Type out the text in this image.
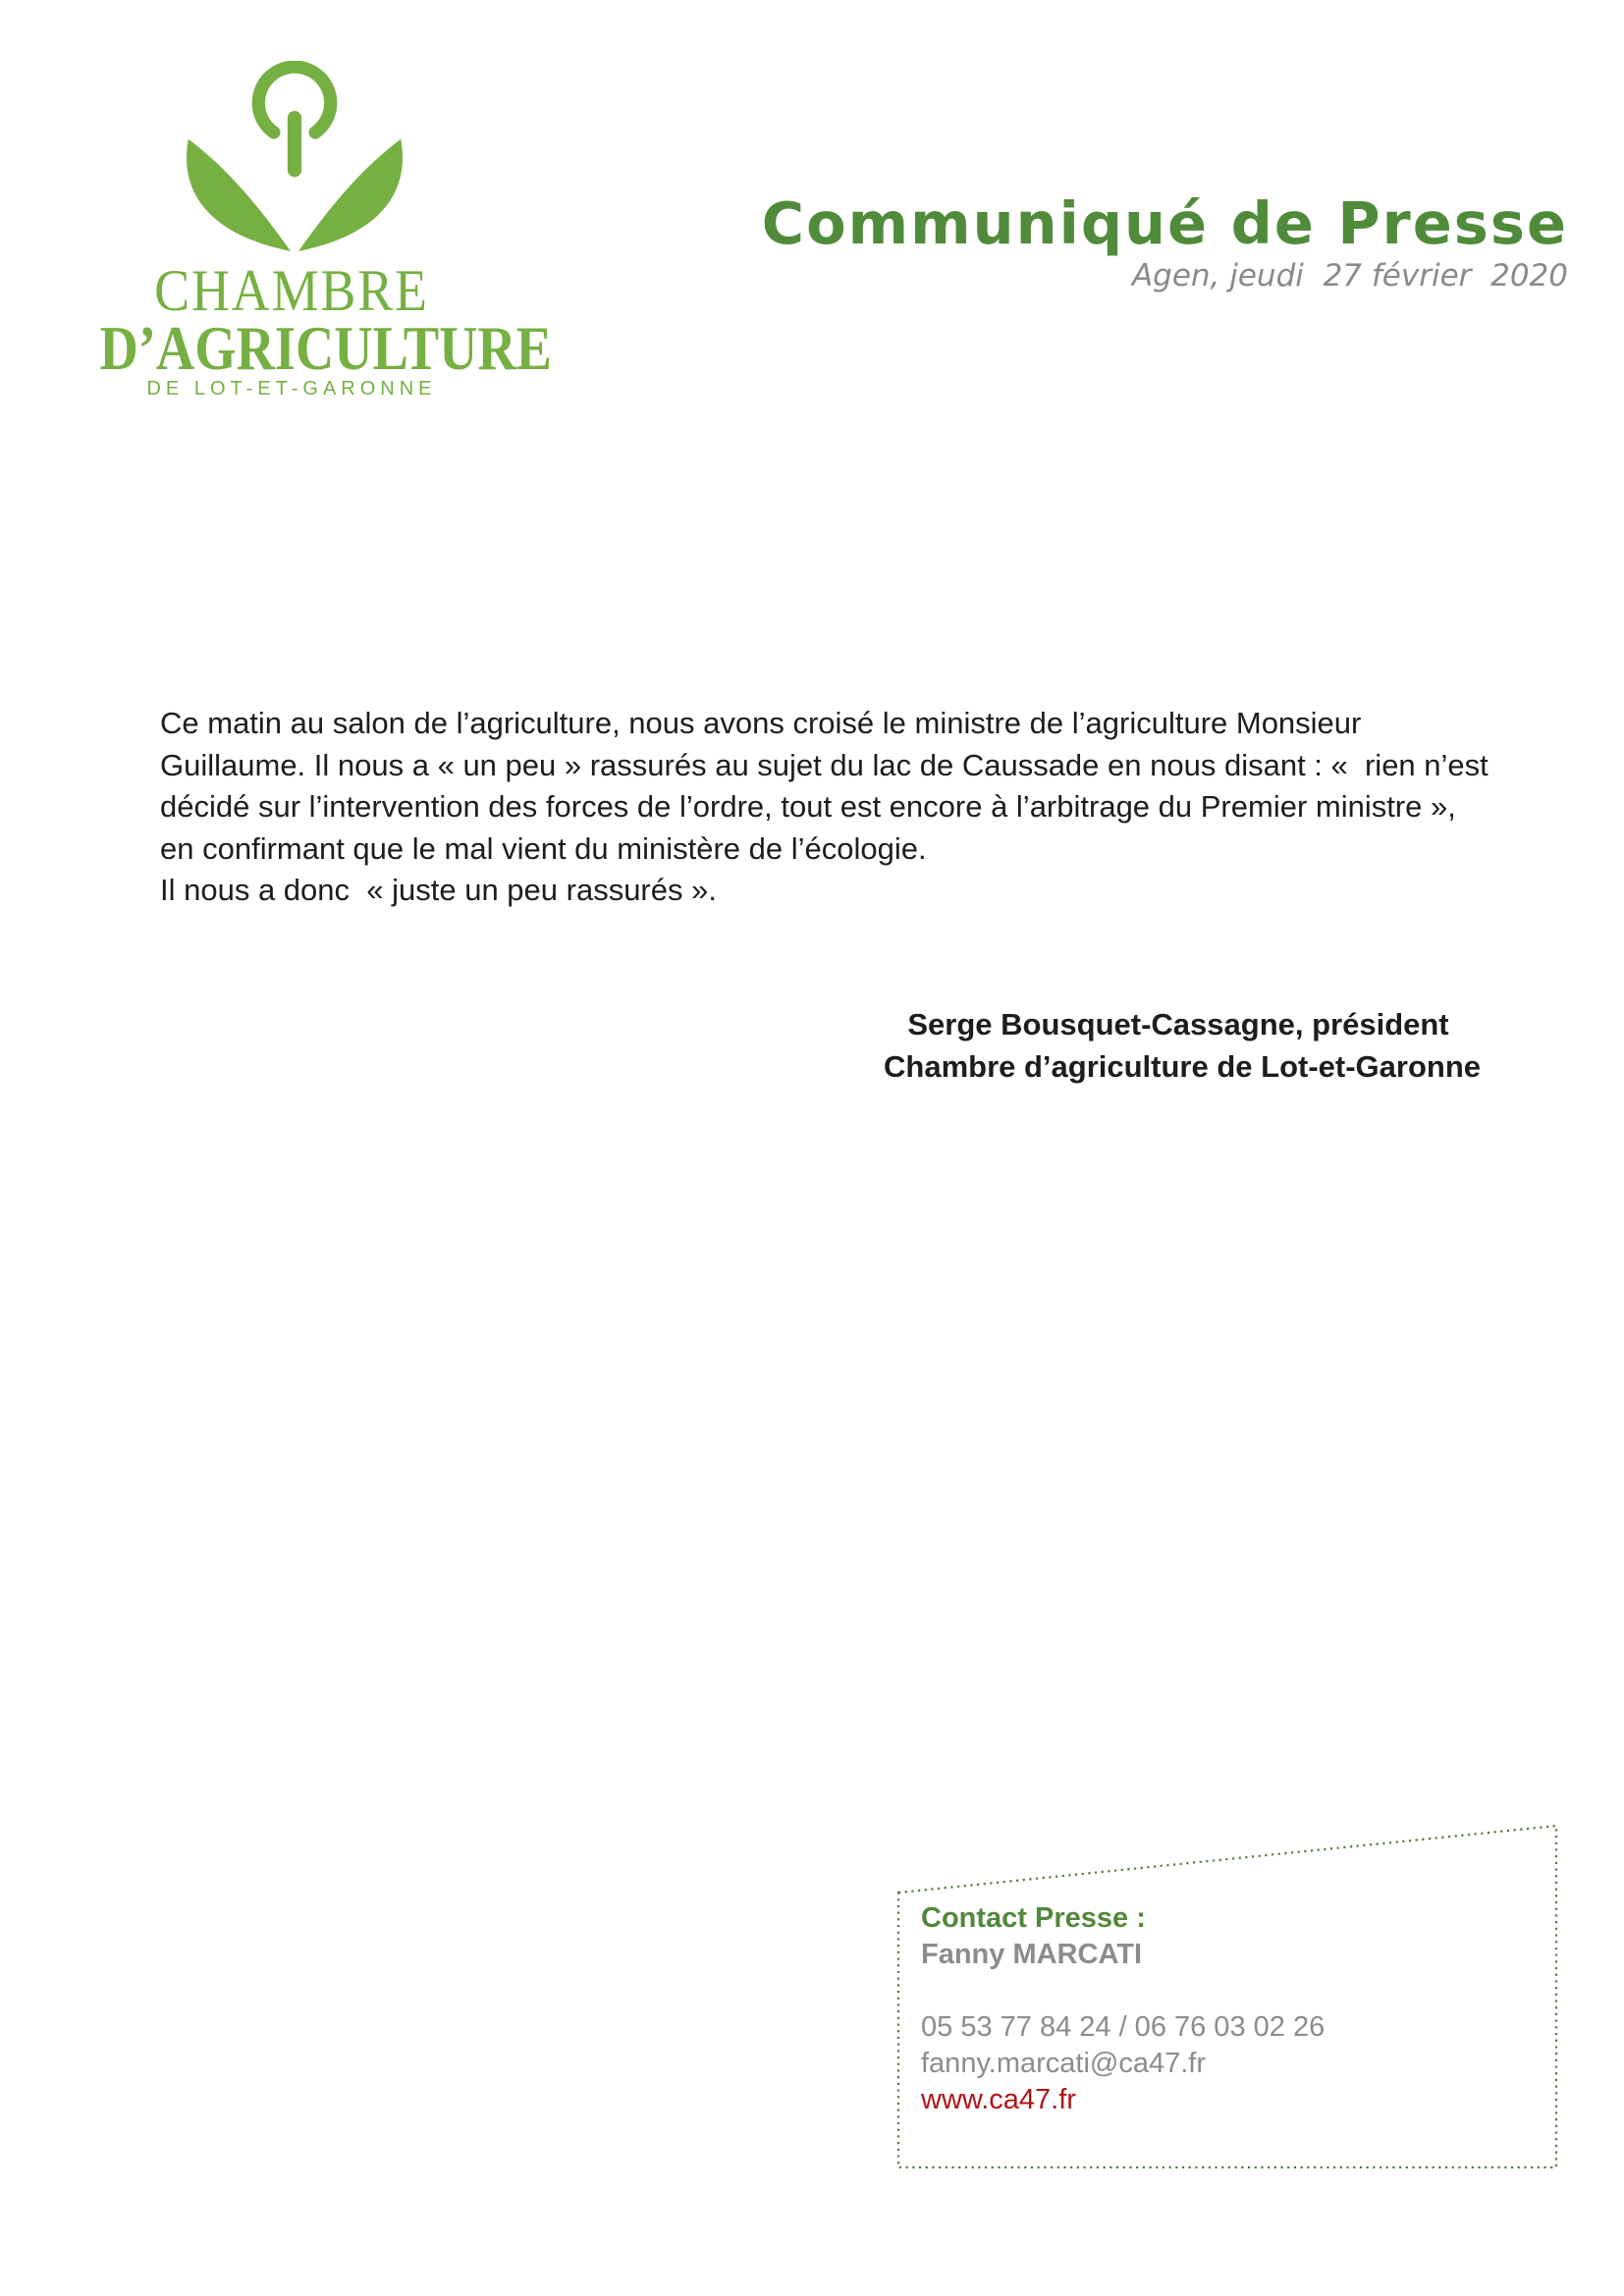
CHAMBRE
D’AGRICULTURE
DE LOT-ET-GARONNE
Communiqué de Presse
Agen, jeudi  27 février  2020
Ce matin au salon de l’agriculture, nous avons croisé le ministre de l’agriculture Monsieur
Guillaume. Il nous a « un peu » rassurés au sujet du lac de Caussade en nous disant : «  rien n’est
décidé sur l’intervention des forces de l’ordre, tout est encore à l’arbitrage du Premier ministre »,
en confirmant que le mal vient du ministère de l’écologie.
Il nous a donc  « juste un peu rassurés ».
Serge Bousquet-Cassagne, président
Chambre d’agriculture de Lot-et-Garonne
Contact Presse :
Fanny MARCATI
05 53 77 84 24 / 06 76 03 02 26
fanny.marcati@ca47.fr
www.ca47.fr
